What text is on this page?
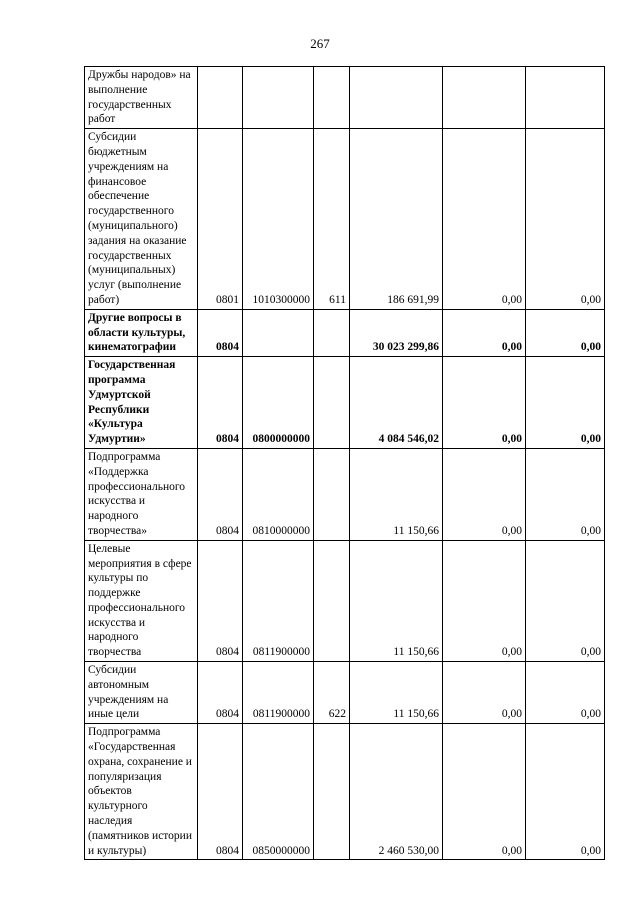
267
Дружбы народов» на выполнение государственных работ						
Субсидии бюджетным учреждениям на финансовое обеспечение государственного (муниципального) задания на оказание государственных (муниципальных) услуг (выполнение работ)	0801	1010300000	611	186 691,99	0,00	0,00
Другие вопросы в области культуры, кинематографии	0804			30 023 299,86	0,00	0,00
Государственная программа Удмуртской Республики «Культура Удмуртии»	0804	0800000000		4 084 546,02	0,00	0,00
Подпрограмма «Поддержка профессионального искусства и народного творчества»	0804	0810000000		11 150,66	0,00	0,00
Целевые мероприятия в сфере культуры по поддержке профессионального искусства и народного творчества	0804	0811900000		11 150,66	0,00	0,00
Субсидии автономным учреждениям на иные цели	0804	0811900000	622	11 150,66	0,00	0,00
Подпрограмма «Государственная охрана, сохранение и популяризация объектов культурного наследия (памятников истории и культуры)	0804	0850000000		2 460 530,00	0,00	0,00
